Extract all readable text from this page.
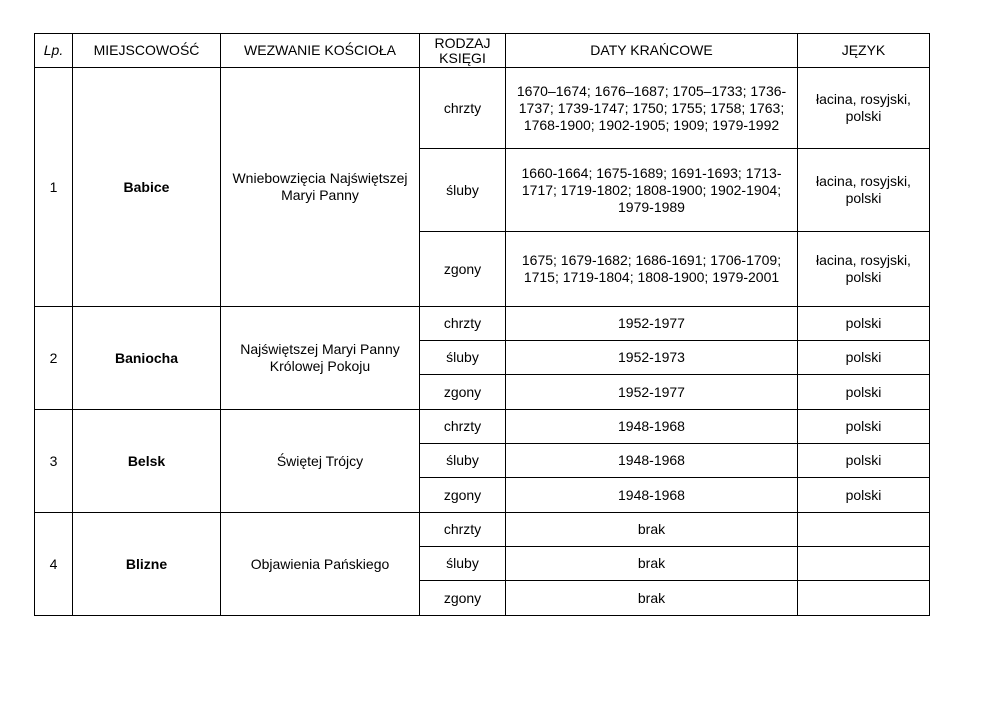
Lp.	MIEJSCOWOŚĆ	WEZWANIE KOŚCIOŁA	RODZAJ KSIĘGI	DATY KRAŃCOWE	JĘZYK
1	Babice	Wniebowzięcia Najświętszej Maryi Panny	chrzty	1670–1674; 1676–1687; 1705–1733; 1736-1737; 1739-1747; 1750; 1755; 1758; 1763; 1768-1900; 1902-1905; 1909; 1979-1992	łacina, rosyjski, polski
			śluby	1660-1664; 1675-1689; 1691-1693; 1713-1717; 1719-1802; 1808-1900; 1902-1904; 1979-1989	łacina, rosyjski, polski
			zgony	1675; 1679-1682; 1686-1691; 1706-1709; 1715; 1719-1804; 1808-1900; 1979-2001	łacina, rosyjski, polski
2	Baniocha	Najświętszej Maryi Panny Królowej Pokoju	chrzty	1952-1977	polski
			śluby	1952-1973	polski
			zgony	1952-1977	polski
3	Belsk	Świętej Trójcy	chrzty	1948-1968	polski
			śluby	1948-1968	polski
			zgony	1948-1968	polski
4	Blizne	Objawienia Pańskiego	chrzty	brak	
			śluby	brak	
			zgony	brak	
